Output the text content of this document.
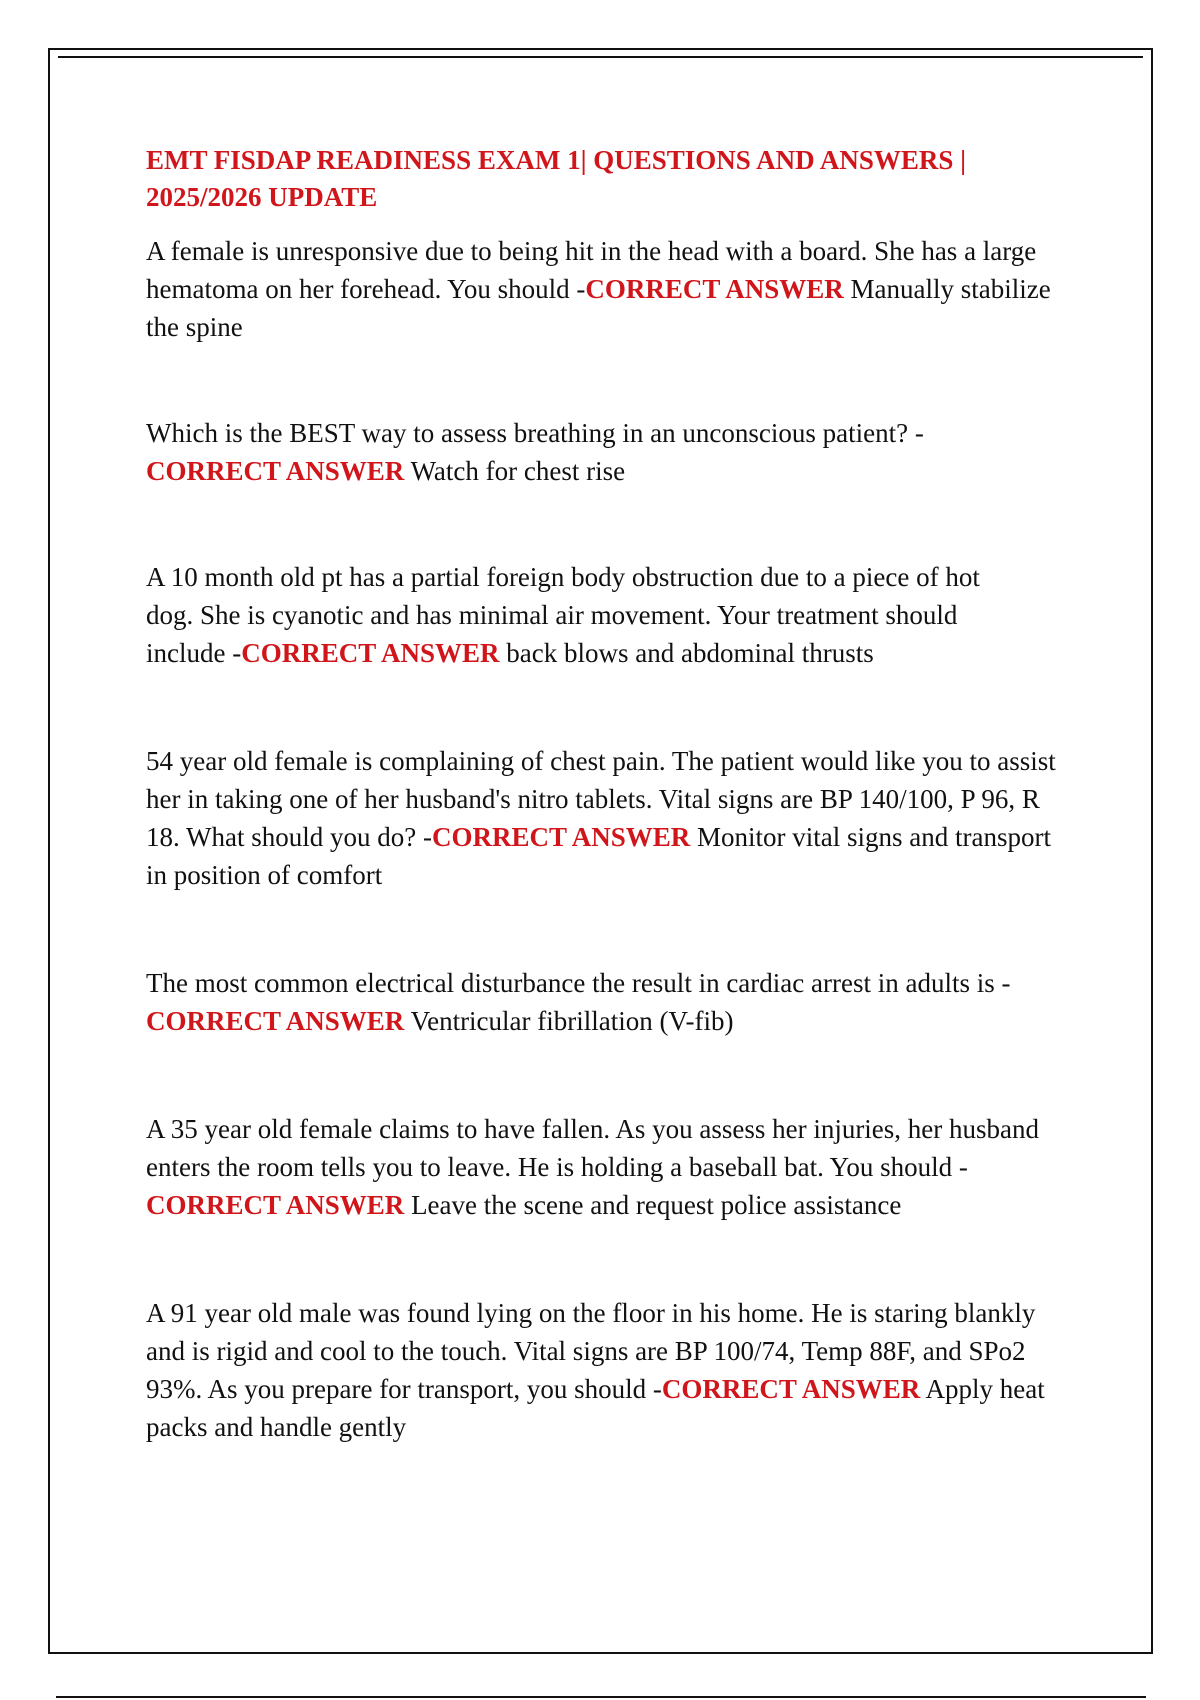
EMT FISDAP READINESS EXAM 1| QUESTIONS AND ANSWERS | 2025/2026 UPDATE

A female is unresponsive due to being hit in the head with a board. She has a large hematoma on her forehead. You should -CORRECT ANSWER Manually stabilize the spine

Which is the BEST way to assess breathing in an unconscious patient? -CORRECT ANSWER Watch for chest rise

A 10 month old pt has a partial foreign body obstruction due to a piece of hot dog. She is cyanotic and has minimal air movement. Your treatment should include -CORRECT ANSWER back blows and abdominal thrusts

54 year old female is complaining of chest pain. The patient would like you to assist her in taking one of her husband's nitro tablets. Vital signs are BP 140/100, P 96, R 18. What should you do? -CORRECT ANSWER Monitor vital signs and transport in position of comfort

The most common electrical disturbance the result in cardiac arrest in adults is -CORRECT ANSWER Ventricular fibrillation (V-fib)

A 35 year old female claims to have fallen. As you assess her injuries, her husband enters the room tells you to leave. He is holding a baseball bat. You should -CORRECT ANSWER Leave the scene and request police assistance

A 91 year old male was found lying on the floor in his home. He is staring blankly and is rigid and cool to the touch. Vital signs are BP 100/74, Temp 88F, and SPo2 93%. As you prepare for transport, you should -CORRECT ANSWER Apply heat packs and handle gently
